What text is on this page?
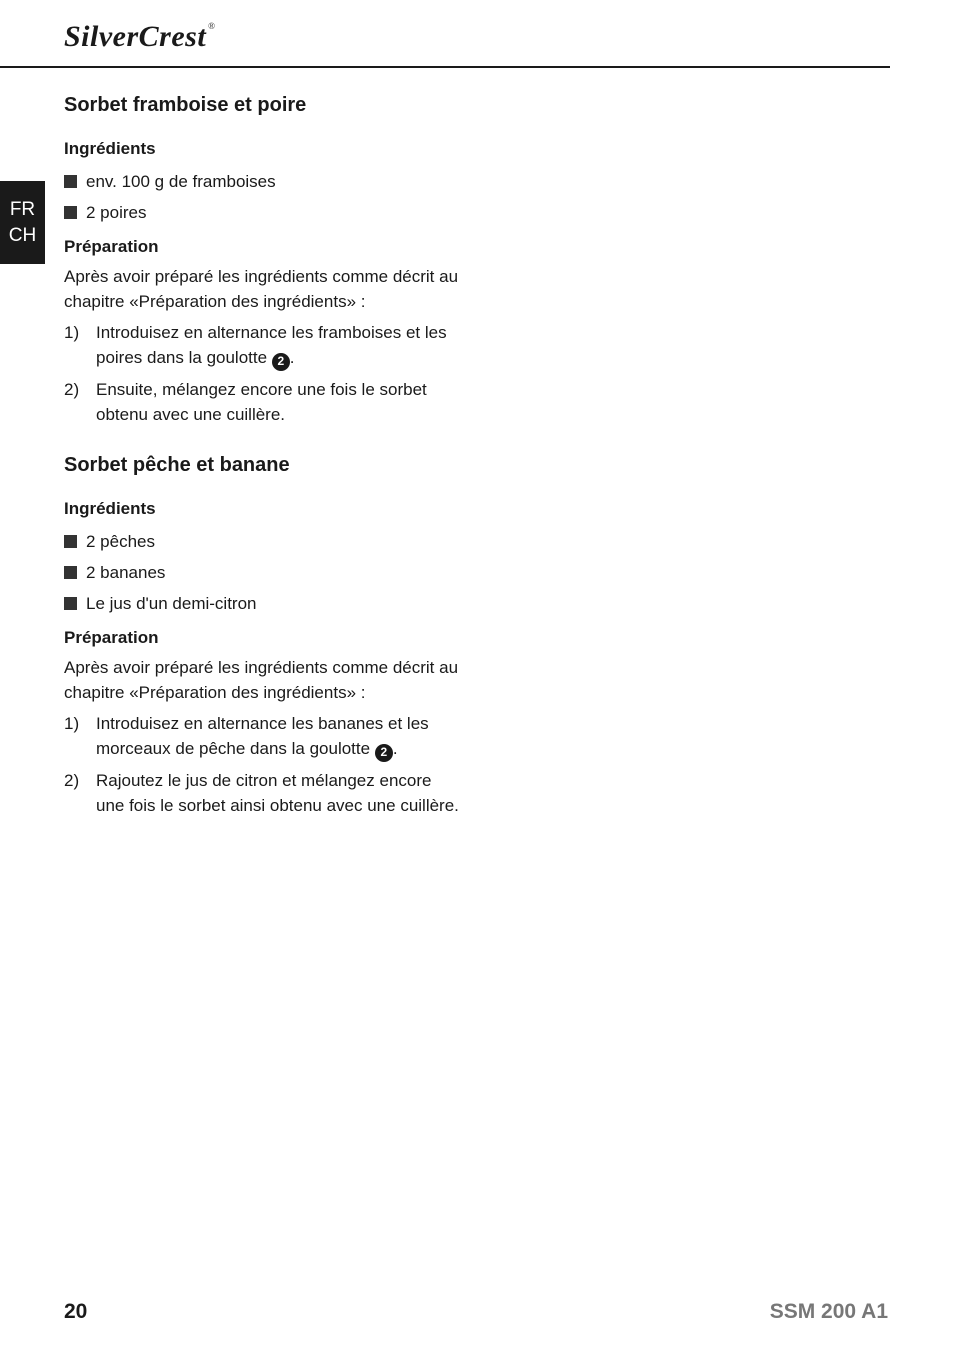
SilverCrest ®
FR
CH
Sorbet framboise et poire
Ingrédients
env. 100 g de framboises
2 poires
Préparation

Après avoir préparé les ingrédients comme décrit au chapitre «Préparation des ingrédients» :

1) Introduisez en alternance les framboises et les poires dans la goulotte 2 .
2) Ensuite, mélangez encore une fois le sorbet obtenu avec une cuillère.
Sorbet pêche et banane
Ingrédients
2 pêches
2 bananes
Le jus d'un demi-citron
Préparation

Après avoir préparé les ingrédients comme décrit au chapitre «Préparation des ingrédients» :

1) Introduisez en alternance les bananes et les morceaux de pêche dans la goulotte 2 .
2) Rajoutez le jus de citron et mélangez encore une fois le sorbet ainsi obtenu avec une cuillère.
20	SSM 200 A1
